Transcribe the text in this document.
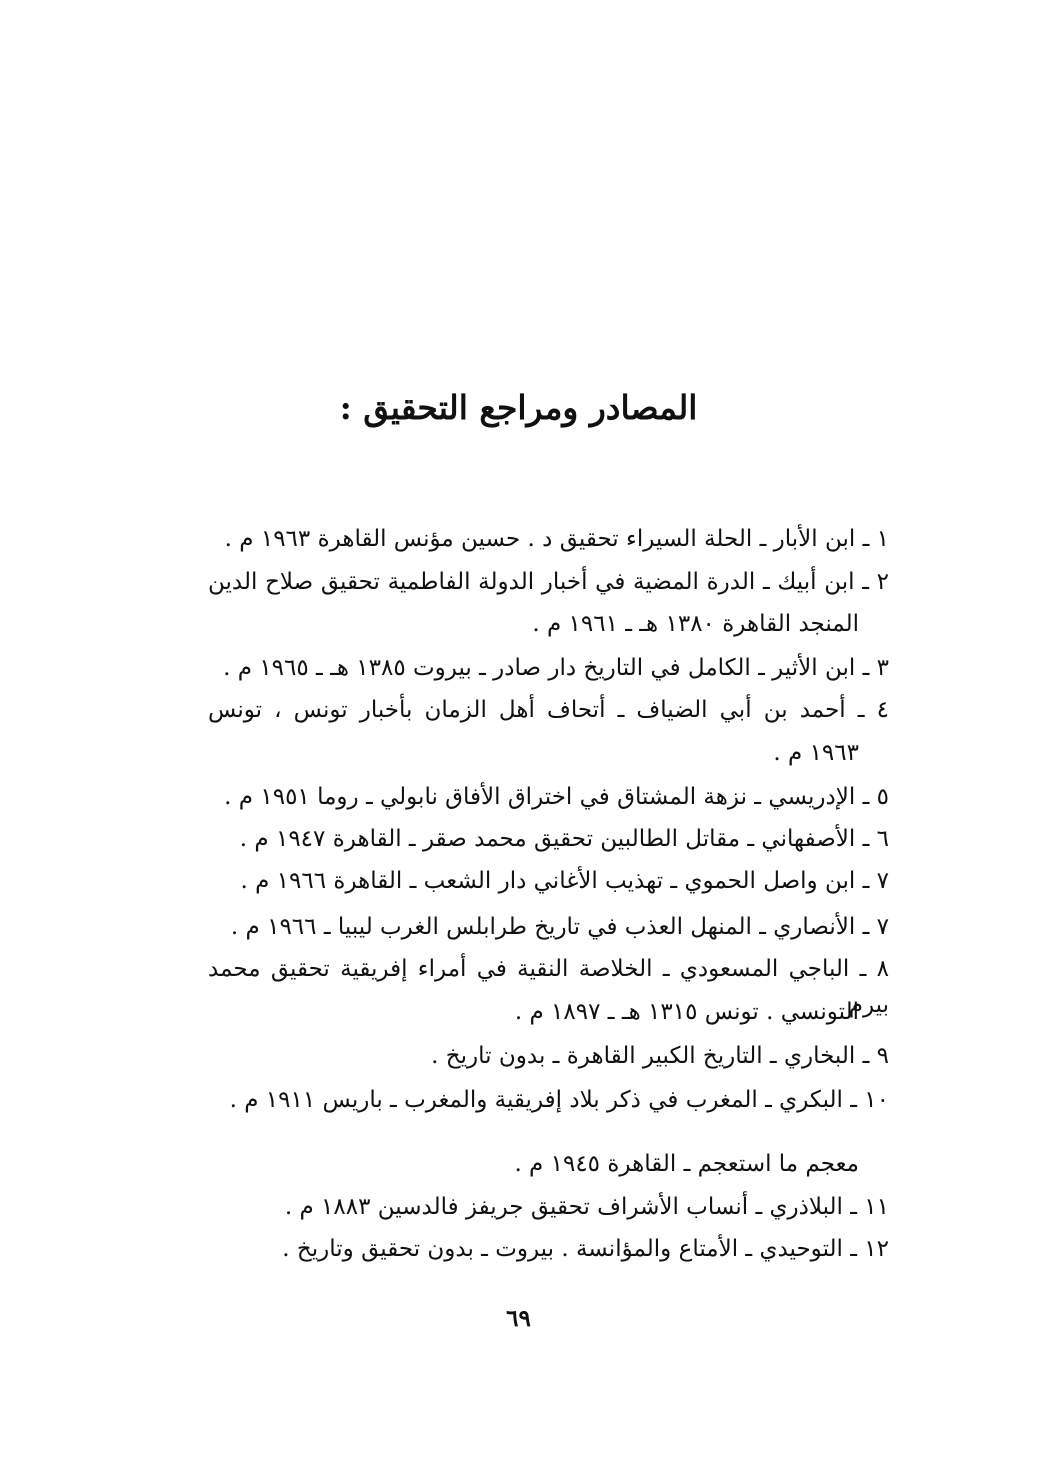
المصادر ومراجع التحقيق :
١ ـ ابن الأبار ـ الحلة السيراء تحقيق د . حسين مؤنس القاهرة ١٩٦٣ م .
٢ ـ ابن أبيك ـ الدرة المضية في أخبار الدولة الفاطمية تحقيق صلاح الدين
المنجد القاهرة ١٣٨٠ هـ ـ ١٩٦١ م .
٣ ـ ابن الأثير ـ الكامل في التاريخ دار صادر ـ بيروت ١٣٨٥ هـ ـ ١٩٦٥ م .
٤ ـ أحمد بن أبي الضياف ـ أتحاف أهل الزمان بأخبار تونس ، تونس
١٩٦٣ م .
٥ ـ الإدريسي ـ نزهة المشتاق في اختراق الأفاق نابولي ـ روما ١٩٥١ م .
٦ ـ الأصفهاني ـ مقاتل الطالبين تحقيق محمد صقر ـ القاهرة ١٩٤٧ م .
٧ ـ ابن واصل الحموي ـ تهذيب الأغاني دار الشعب ـ القاهرة ١٩٦٦ م .
٧ ـ الأنصاري ـ المنهل العذب في تاريخ طرابلس الغرب ليبيا ـ ١٩٦٦ م .
٨ ـ الباجي المسعودي ـ الخلاصة النقية في أمراء إفريقية تحقيق محمد بيرم
التونسي . تونس ١٣١٥ هـ ـ ١٨٩٧ م .
٩ ـ البخاري ـ التاريخ الكبير القاهرة ـ بدون تاريخ .
١٠ ـ البكري ـ المغرب في ذكر بلاد إفريقية والمغرب ـ باريس ١٩١١ م .
معجم ما استعجم ـ القاهرة ١٩٤٥ م .
١١ ـ البلاذري ـ أنساب الأشراف تحقيق جريفز فالدسين ١٨٨٣ م .
١٢ ـ التوحيدي ـ الأمتاع والمؤانسة . بيروت ـ بدون تحقيق وتاريخ .
٦٩
